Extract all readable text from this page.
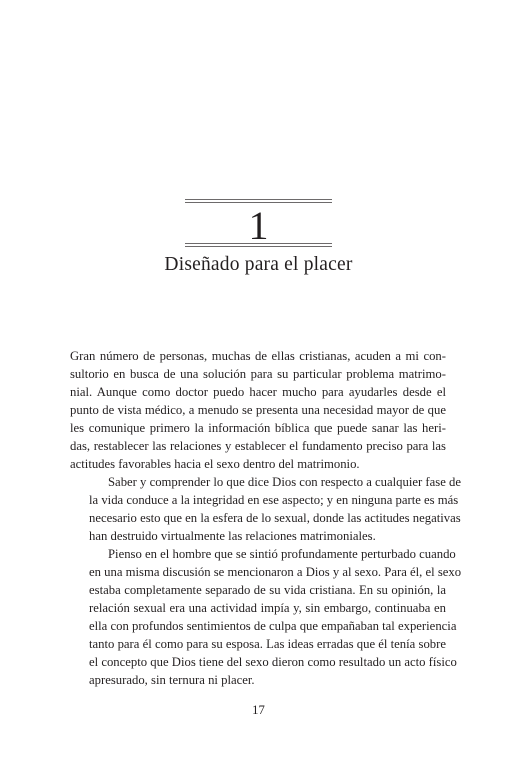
1
Diseñado para el placer

Gran número de personas, muchas de ellas cristianas, acuden a mi con-
sultorio en busca de una solución para su particular problema matrimo-
nial. Aunque como doctor puedo hacer mucho para ayudarles desde el
punto de vista médico, a menudo se presenta una necesidad mayor de que
les comunique primero la información bíblica que puede sanar las heri-
das, restablecer las relaciones y establecer el fundamento preciso para las
actitudes favorables hacia el sexo dentro del matrimonio.

Saber y comprender lo que dice Dios con respecto a cualquier fase de
la vida conduce a la integridad en ese aspecto; y en ninguna parte es más
necesario esto que en la esfera de lo sexual, donde las actitudes negativas
han destruido virtualmente las relaciones matrimoniales.

Pienso en el hombre que se sintió profundamente perturbado cuando
en una misma discusión se mencionaron a Dios y al sexo. Para él, el sexo
estaba completamente separado de su vida cristiana. En su opinión, la
relación sexual era una actividad impía y, sin embargo, continuaba en
ella con profundos sentimientos de culpa que empañaban tal experiencia
tanto para él como para su esposa. Las ideas erradas que él tenía sobre
el concepto que Dios tiene del sexo dieron como resultado un acto físico
apresurado, sin ternura ni placer.

17
